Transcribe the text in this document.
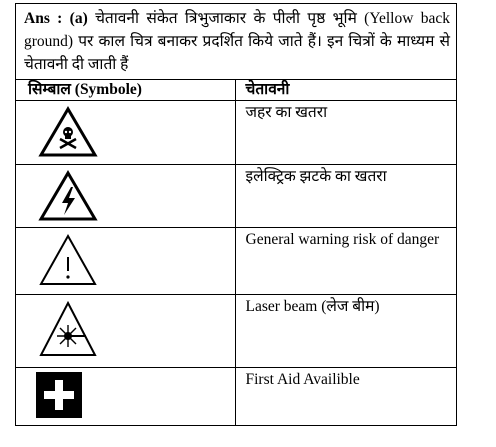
Ans : (a) चेतावनी संकेत त्रिभुजाकार के पीली पृष्ठ भूमि (Yellow back ground) पर काल चित्र बनाकर प्रदर्शित किये जाते हैं। इन चित्रों के माध्यम से चेतावनी दी जाती हैं
सिम्बाल (Symbole)	चेतावनी

	जहर का खतरा

	इलेक्ट्रिक झटके का खतरा

	General warning risk of danger

	Laser beam (लेज बीम)

	First Aid Availible
